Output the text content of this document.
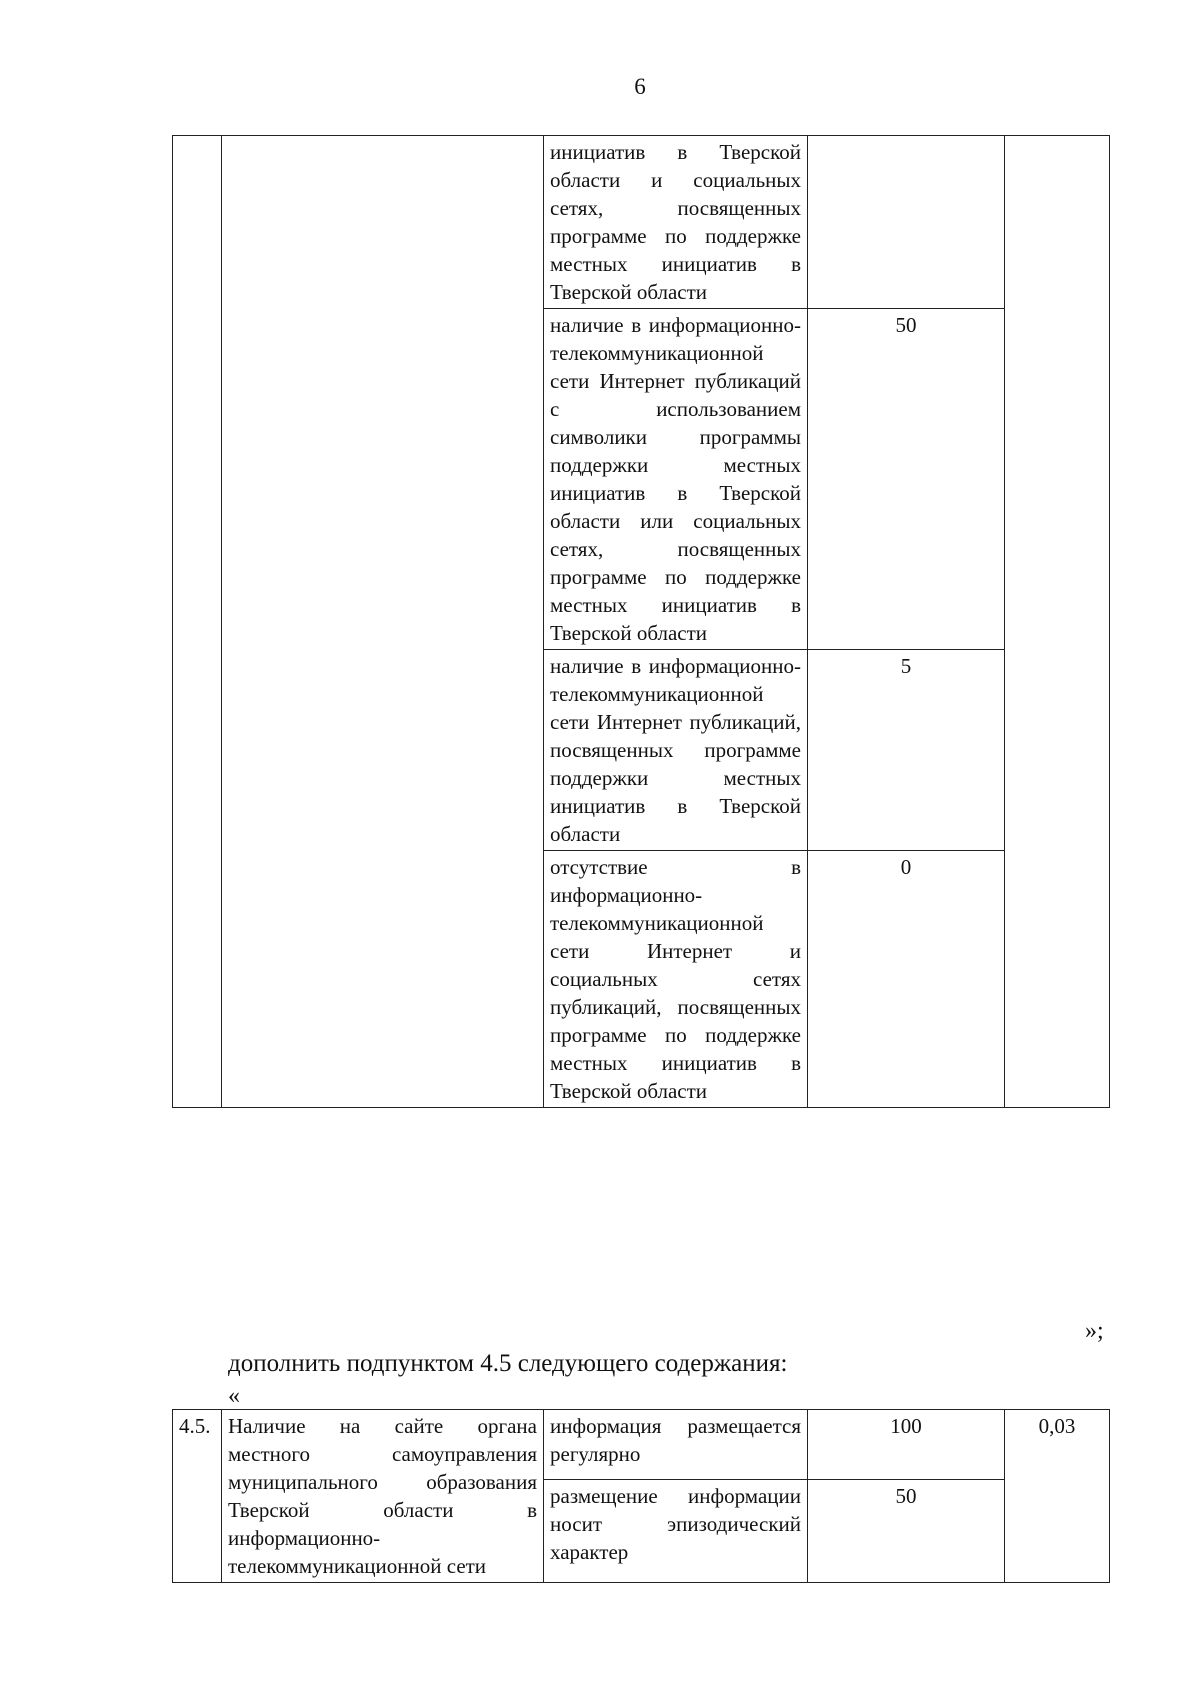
6
		инициатив в Тверской области и социальных сетях, посвященных программе по поддержке местных инициатив в Тверской области		
		наличие в информационно-телекоммуникационной сети Интернет публикаций с использованием символики программы поддержки местных инициатив в Тверской области или социальных сетях, посвященных программе по поддержке местных инициатив в Тверской области	50	
		наличие в информационно-телекоммуникационной сети Интернет публикаций, посвященных программе поддержки местных инициатив в Тверской области	5	
		отсутствие в информационно-телекоммуникационной сети Интернет и социальных сетях публикаций, посвященных программе по поддержке местных инициатив в Тверской области	0	
»;
дополнить подпунктом 4.5 следующего содержания:
«
4.5.	Наличие на сайте органа местного самоуправления муниципального образования Тверской области в информационно-телекоммуникационной сети	информация размещается регулярно	100	0,03
		размещение информации носит эпизодический характер	50	
